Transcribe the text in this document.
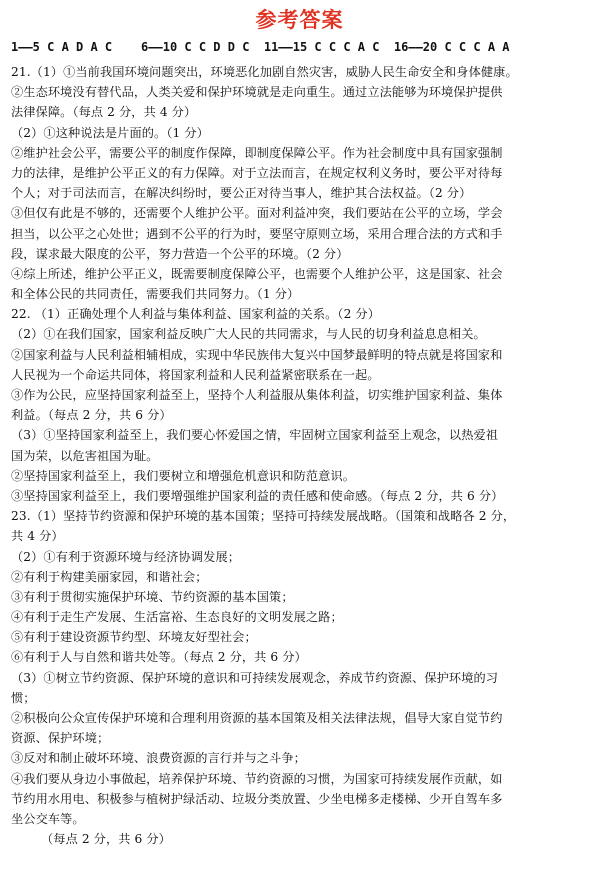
参考答案
1——5 C A D A C    6——10 C C D D C  11——15 C C C A C  16——20 C C C A A
21.（1）①当前我国环境问题突出，环境恶化加剧自然灾害，威胁人民生命安全和身体健康。
②生态环境没有替代品，人类关爱和保护环境就是走向重生。通过立法能够为环境保护提供
法律保障。（每点 2 分，共 4 分）
（2）①这种说法是片面的。（1 分）
②维护社会公平，需要公平的制度作保障，即制度保障公平。作为社会制度中具有国家强制
力的法律，是维护公平正义的有力保障。对于立法而言，在规定权利义务时，要公平对待每
个人；对于司法而言，在解决纠纷时，要公正对待当事人，维护其合法权益。（2 分）
③但仅有此是不够的，还需要个人维护公平。面对利益冲突，我们要站在公平的立场，学会
担当，以公平之心处世；遇到不公平的行为时，要坚守原则立场，采用合理合法的方式和手
段，谋求最大限度的公平，努力营造一个公平的环境。（2 分）
④综上所述，维护公平正义，既需要制度保障公平，也需要个人维护公平，这是国家、社会
和全体公民的共同责任，需要我们共同努力。（1 分）
22. （1）正确处理个人利益与集体利益、国家利益的关系。（2 分）
（2）①在我们国家，国家利益反映广大人民的共同需求，与人民的切身利益息息相关。
②国家利益与人民利益相辅相成，实现中华民族伟大复兴中国梦最鲜明的特点就是将国家和
人民视为一个命运共同体，将国家利益和人民利益紧密联系在一起。
③作为公民，应坚持国家利益至上，坚持个人利益服从集体利益，切实维护国家利益、集体
利益。（每点 2 分，共 6 分）
（3）①坚持国家利益至上，我们要心怀爱国之情，牢固树立国家利益至上观念，以热爱祖
国为荣，以危害祖国为耻。
②坚持国家利益至上，我们要树立和增强危机意识和防范意识。
③坚持国家利益至上，我们要增强维护国家利益的责任感和使命感。（每点 2 分，共 6 分）
23.（1）坚持节约资源和保护环境的基本国策；坚持可持续发展战略。（国策和战略各 2 分，
共 4 分）
（2）①有利于资源环境与经济协调发展；
②有利于构建美丽家园，和谐社会；
③有利于贯彻实施保护环境、节约资源的基本国策；
④有利于走生产发展、生活富裕、生态良好的文明发展之路；
⑤有利于建设资源节约型、环境友好型社会；
⑥有利于人与自然和谐共处等。（每点 2 分，共 6 分）
（3）①树立节约资源、保护环境的意识和可持续发展观念，养成节约资源、保护环境的习
惯；
②积极向公众宣传保护环境和合理利用资源的基本国策及相关法律法规，倡导大家自觉节约
资源、保护环境；
③反对和制止破坏环境、浪费资源的言行并与之斗争；
④我们要从身边小事做起，培养保护环境、节约资源的习惯，为国家可持续发展作贡献，如
节约用水用电、积极参与植树护绿活动、垃圾分类放置、少坐电梯多走楼梯、少开自驾车多
坐公交车等。
（每点 2 分，共 6 分）
